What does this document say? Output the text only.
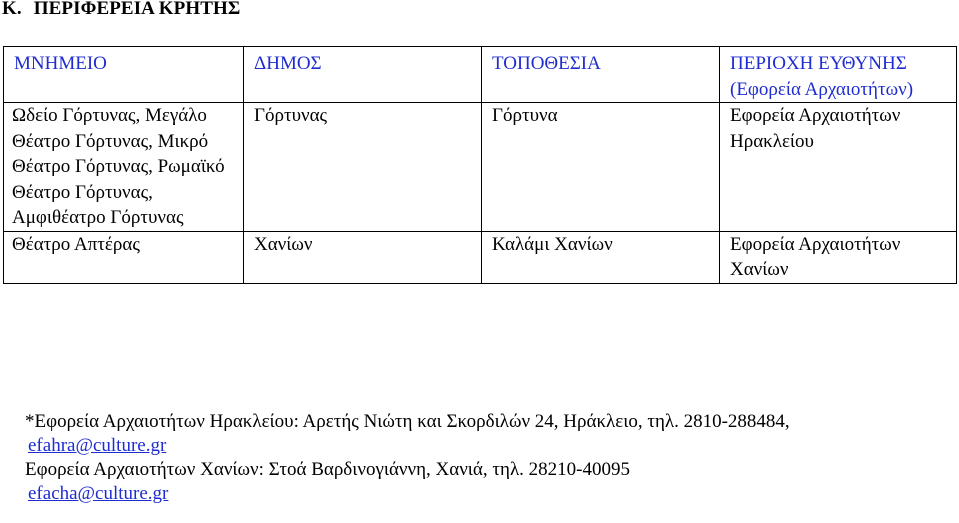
Κ. ΠΕΡΙΦΕΡΕΙΑ ΚΡΗΤΗΣ
ΜΝΗΜΕΙΟ	ΔΗΜΟΣ	ΤΟΠΟΘΕΣΙΑ	ΠΕΡΙΟΧΗ ΕΥΘΥΝΗΣ (Εφορεία Αρχαιοτήτων)
Ωδείο Γόρτυνας, Μεγάλο Θέατρο Γόρτυνας, Μικρό Θέατρο Γόρτυνας, Ρωμαϊκό Θέατρο Γόρτυνας, Αμφιθέατρο Γόρτυνας	Γόρτυνας	Γόρτυνα	Εφορεία Αρχαιοτήτων Ηρακλείου
Θέατρο Απτέρας	Χανίων	Καλάμι Χανίων	Εφορεία Αρχαιοτήτων Χανίων
*Εφορεία Αρχαιοτήτων Ηρακλείου: Αρετής Νιώτη και Σκορδιλών 24, Ηράκλειο, τηλ. 2810-288484,
efahra@culture.gr
Εφορεία Αρχαιοτήτων Χανίων: Στοά Βαρδινογιάννη, Χανιά, τηλ. 28210-40095
efacha@culture.gr
